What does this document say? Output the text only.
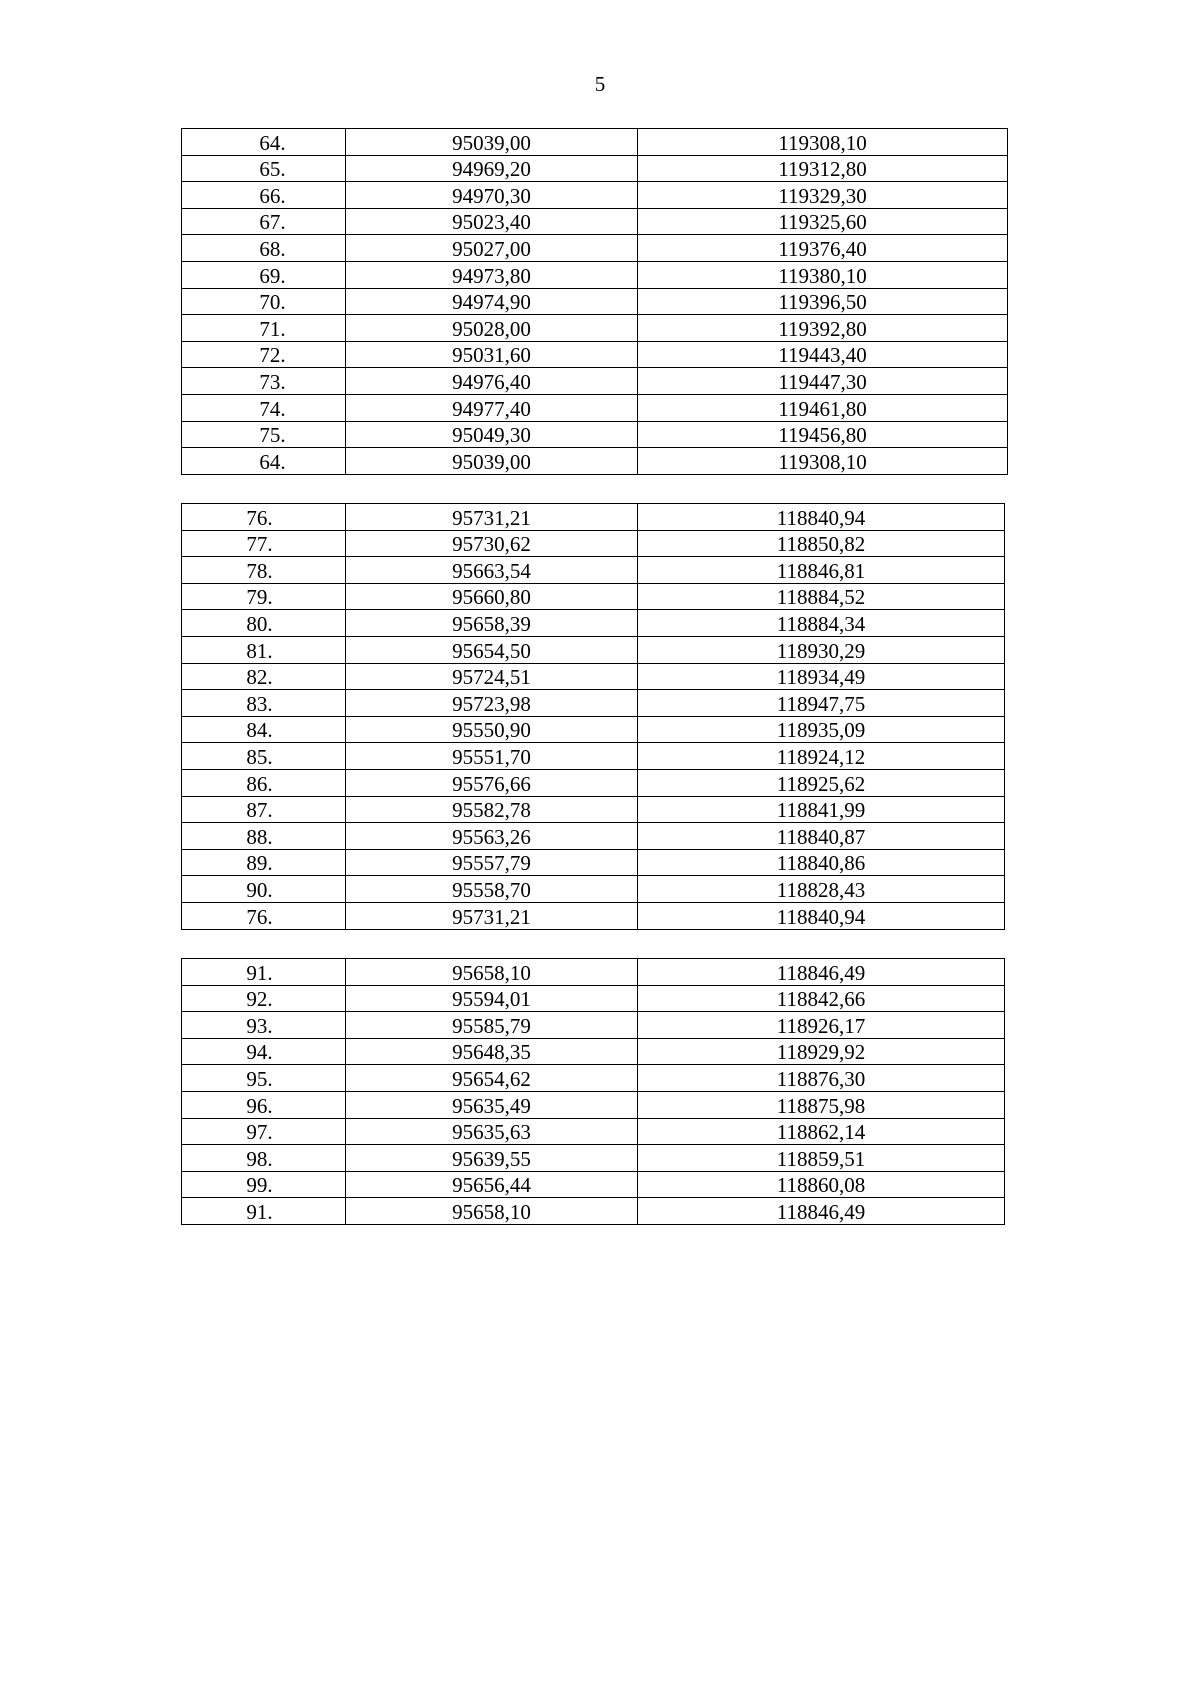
5
64.	95039,00	119308,10
65.	94969,20	119312,80
66.	94970,30	119329,30
67.	95023,40	119325,60
68.	95027,00	119376,40
69.	94973,80	119380,10
70.	94974,90	119396,50
71.	95028,00	119392,80
72.	95031,60	119443,40
73.	94976,40	119447,30
74.	94977,40	119461,80
75.	95049,30	119456,80
64.	95039,00	119308,10
76.	95731,21	118840,94
77.	95730,62	118850,82
78.	95663,54	118846,81
79.	95660,80	118884,52
80.	95658,39	118884,34
81.	95654,50	118930,29
82.	95724,51	118934,49
83.	95723,98	118947,75
84.	95550,90	118935,09
85.	95551,70	118924,12
86.	95576,66	118925,62
87.	95582,78	118841,99
88.	95563,26	118840,87
89.	95557,79	118840,86
90.	95558,70	118828,43
76.	95731,21	118840,94
91.	95658,10	118846,49
92.	95594,01	118842,66
93.	95585,79	118926,17
94.	95648,35	118929,92
95.	95654,62	118876,30
96.	95635,49	118875,98
97.	95635,63	118862,14
98.	95639,55	118859,51
99.	95656,44	118860,08
91.	95658,10	118846,49
